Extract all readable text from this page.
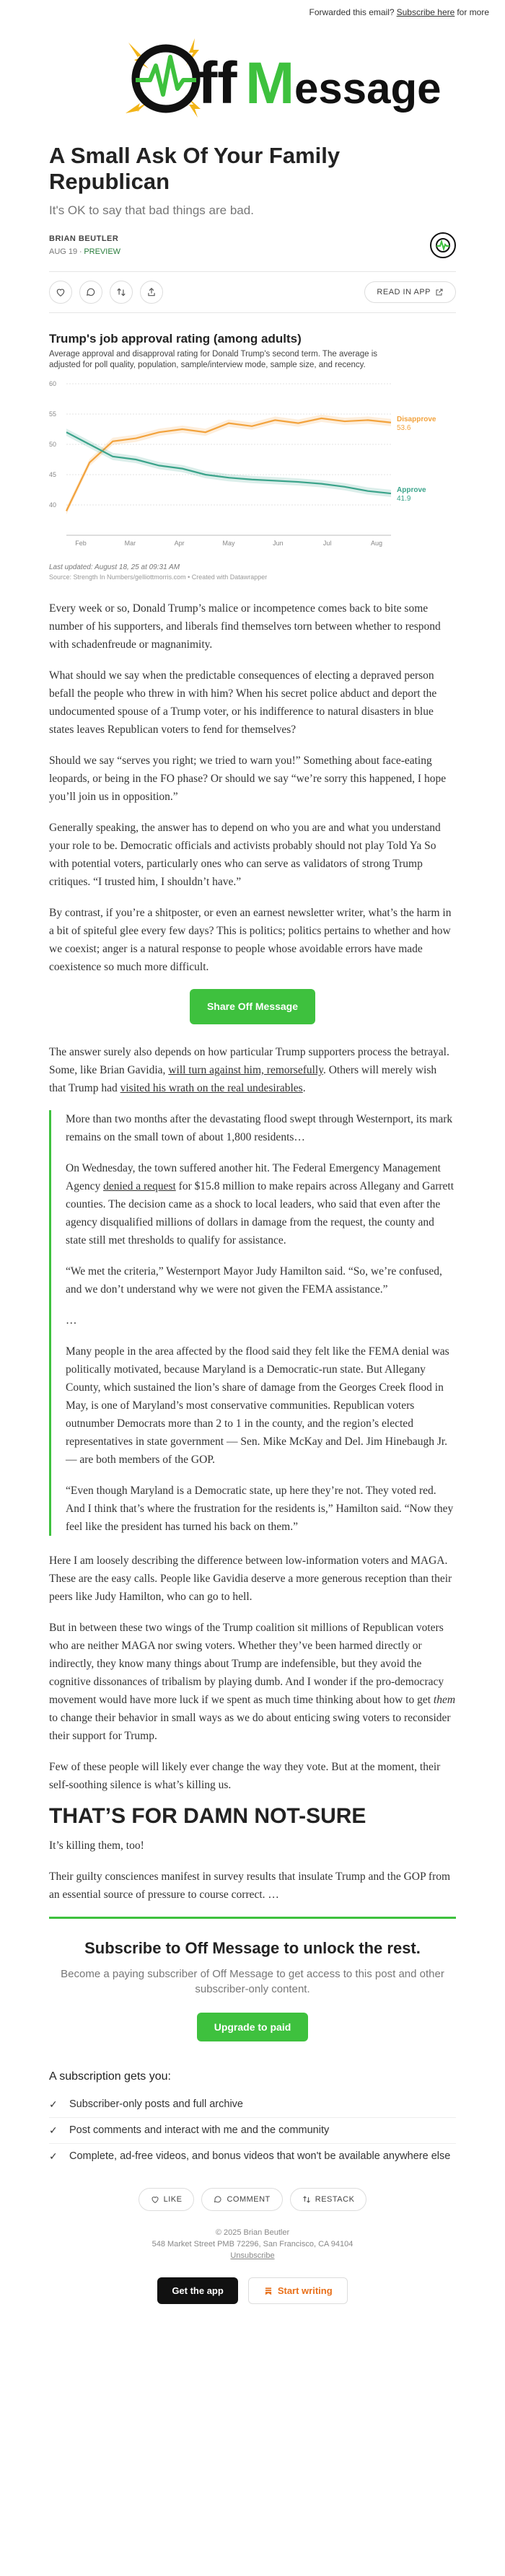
Forwarded this email? Subscribe here for more
ff M essage
A Small Ask Of Your Family Republican
It's OK to say that bad things are bad.
BRIAN BEUTLER
AUG 19 ∙ PREVIEW
READ IN APP
Trump's job approval rating (among adults)
Average approval and disapproval rating for Donald Trump's second term. The average is adjusted for poll quality, population, sample/interview mode, sample size, and recency.
40
45
50
55
60
Feb	Mar	Apr	May	Jun	Jul	Aug
Disapprove
53.6
Approve
41.9
Last updated: August 18, 25 at 09:31 AM
Source: Strength In Numbers/gelliottmorris.com • Created with Datawrapper

Every week or so, Donald Trump’s malice or incompetence comes back to bite some number of his supporters, and liberals find themselves torn between whether to respond with schadenfreude or magnanimity.

What should we say when the predictable consequences of electing a depraved person befall the people who threw in with him? When his secret police abduct and deport the undocumented spouse of a Trump voter, or his indifference to natural disasters in blue states leaves Republican voters to fend for themselves?

Should we say “serves you right; we tried to warn you!” Something about face-eating leopards, or being in the FO phase? Or should we say “we’re sorry this happened, I hope you’ll join us in opposition.”

Generally speaking, the answer has to depend on who you are and what you understand your role to be. Democratic officials and activists probably should not play Told Ya So with potential voters, particularly ones who can serve as validators of strong Trump critiques. “I trusted him, I shouldn’t have.”

By contrast, if you’re a shitposter, or even an earnest newsletter writer, what’s the harm in a bit of spiteful glee every few days? This is politics; politics pertains to whether and how we coexist; anger is a natural response to people whose avoidable errors have made coexistence so much more difficult.

Share Off Message

The answer surely also depends on how particular Trump supporters process the betrayal. Some, like Brian Gavidia, will turn against him, remorsefully. Others will merely wish that Trump had visited his wrath on the real undesirables.

More than two months after the devastating flood swept through Westernport, its mark remains on the small town of about 1,800 residents…

On Wednesday, the town suffered another hit. The Federal Emergency Management Agency denied a request for $15.8 million to make repairs across Allegany and Garrett counties. The decision came as a shock to local leaders, who said that even after the agency disqualified millions of dollars in damage from the request, the county and state still met thresholds to qualify for assistance.

“We met the criteria,” Westernport Mayor Judy Hamilton said. “So, we’re confused, and we don’t understand why we were not given the FEMA assistance.”

…

Many people in the area affected by the flood said they felt like the FEMA denial was politically motivated, because Maryland is a Democratic-run state. But Allegany County, which sustained the lion’s share of damage from the Georges Creek flood in May, is one of Maryland’s most conservative communities. Republican voters outnumber Democrats more than 2 to 1 in the county, and the region’s elected representatives in state government — Sen. Mike McKay and Del. Jim Hinebaugh Jr. — are both members of the GOP.

“Even though Maryland is a Democratic state, up here they’re not. They voted red. And I think that’s where the frustration for the residents is,” Hamilton said. “Now they feel like the president has turned his back on them.”

Here I am loosely describing the difference between low-information voters and MAGA. These are the easy calls. People like Gavidia deserve a more generous reception than their peers like Judy Hamilton, who can go to hell.

But in between these two wings of the Trump coalition sit millions of Republican voters who are neither MAGA nor swing voters. Whether they’ve been harmed directly or indirectly, they know many things about Trump are indefensible, but they avoid the cognitive dissonances of tribalism by playing dumb. And I wonder if the pro-democracy movement would have more luck if we spent as much time thinking about how to get them to change their behavior in small ways as we do about enticing swing voters to reconsider their support for Trump.

Few of these people will likely ever change the way they vote. But at the moment, their self-soothing silence is what’s killing us.

THAT’S FOR DAMN NOT-SURE

It’s killing them, too!

Their guilty consciences manifest in survey results that insulate Trump and the GOP from an essential source of pressure to course correct. …

Subscribe to Off Message to unlock the rest.
Become a paying subscriber of Off Message to get access to this post and other subscriber-only content.
Upgrade to paid
A subscription gets you:
✓ Subscriber-only posts and full archive
✓ Post comments and interact with me and the community
✓ Complete, ad-free videos, and bonus videos that won't be available anywhere else
LIKE	COMMENT	RESTACK
© 2025 Brian Beutler
548 Market Street PMB 72296, San Francisco, CA 94104
Unsubscribe
Get the app	Start writing
